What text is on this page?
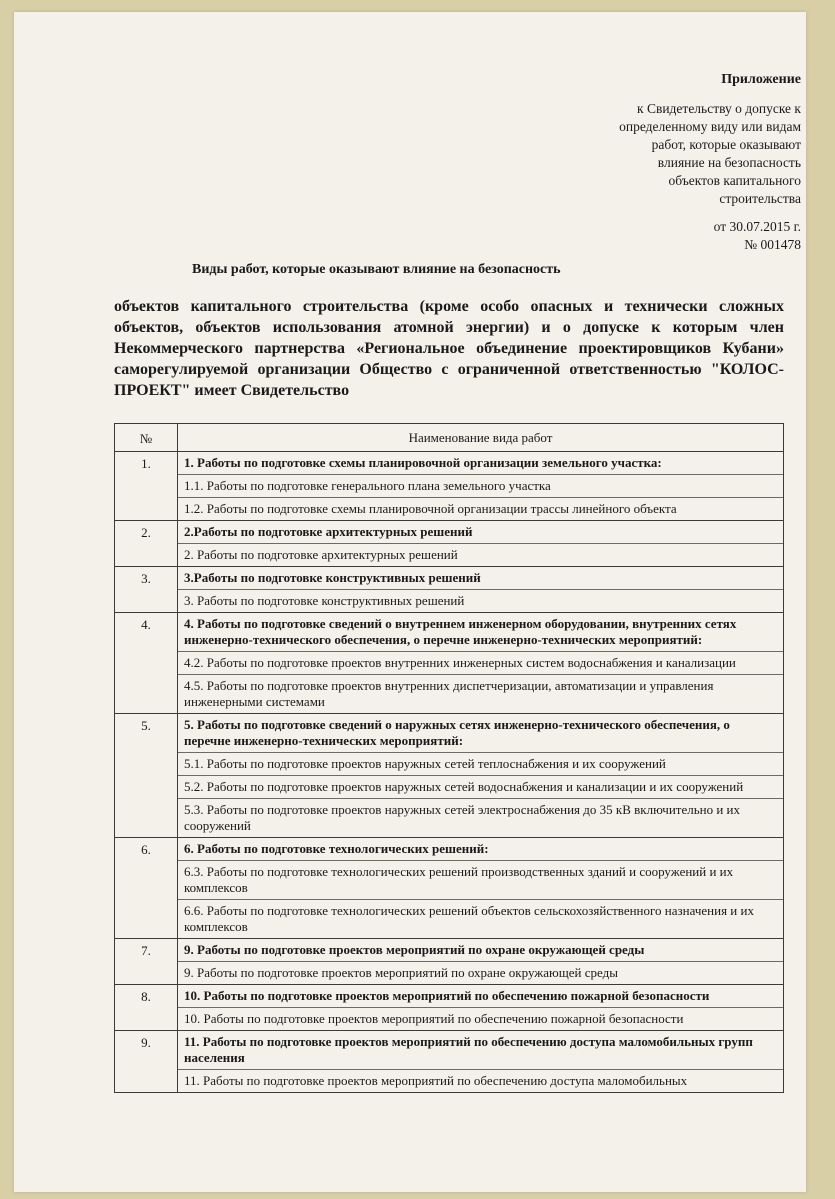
Приложение
к Свидетельству о допуске к
определенному виду или видам
работ, которые оказывают
влияние на безопасность
объектов капитального
строительства
от 30.07.2015 г.
№ 001478
Виды работ, которые оказывают влияние на безопасность
объектов капитального строительства (кроме особо опасных и технически сложных объектов, объектов использования атомной энергии) и о допуске к которым член Некоммерческого партнерства «Региональное объединение проектировщиков Кубани» саморегулируемой организации Общество с ограниченной ответственностью "КОЛОС-ПРОЕКТ" имеет Свидетельство
№	Наименование вида работ
1.	1. Работы по подготовке схемы планировочной организации земельного участка:
1.1. Работы по подготовке генерального плана земельного участка
1.2. Работы по подготовке схемы планировочной организации трассы линейного объекта

2.	2.Работы по подготовке архитектурных решений
2. Работы по подготовке архитектурных решений

3.	3.Работы по подготовке конструктивных решений
3. Работы по подготовке конструктивных решений

4.	4. Работы по подготовке сведений о внутреннем инженерном оборудовании, внутренних сетях инженерно-технического обеспечения, о перечне инженерно-технических мероприятий:
4.2. Работы по подготовке проектов внутренних инженерных систем водоснабжения и канализации
4.5. Работы по подготовке проектов внутренних диспетчеризации, автоматизации и управления инженерными системами

5.	5. Работы по подготовке сведений о наружных сетях инженерно-технического обеспечения, о перечне инженерно-технических мероприятий:
5.1. Работы по подготовке проектов наружных сетей теплоснабжения и их сооружений
5.2. Работы по подготовке проектов наружных сетей водоснабжения и канализации и их сооружений
5.3. Работы по подготовке проектов наружных сетей электроснабжения до 35 кВ включительно и их сооружений

6.	6. Работы по подготовке технологических решений:
6.3. Работы по подготовке технологических решений производственных зданий и сооружений и их комплексов
6.6. Работы по подготовке технологических решений объектов сельскохозяйственного назначения и их комплексов

7.	9. Работы по подготовке проектов мероприятий по охране окружающей среды
9. Работы по подготовке проектов мероприятий по охране окружающей среды

8.	10. Работы по подготовке проектов мероприятий по обеспечению пожарной безопасности
10. Работы по подготовке проектов мероприятий по обеспечению пожарной безопасности

9.	11. Работы по подготовке проектов мероприятий по обеспечению доступа маломобильных групп населения
11. Работы по подготовке проектов мероприятий по обеспечению доступа маломобильных
